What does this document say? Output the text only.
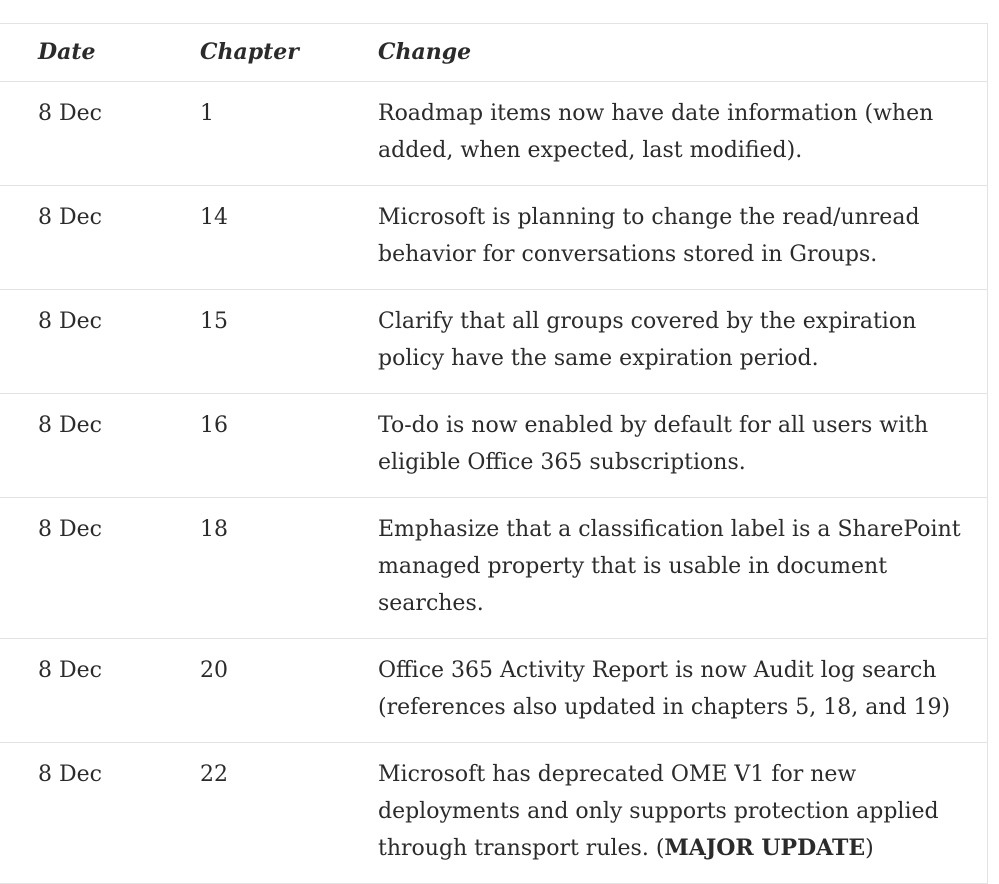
Date	Chapter	Change
8 Dec	1	Roadmap items now have date information (when added, when expected, last modified).
8 Dec	14	Microsoft is planning to change the read/unread behavior for conversations stored in Groups.
8 Dec	15	Clarify that all groups covered by the expiration policy have the same expiration period.
8 Dec	16	To-do is now enabled by default for all users with eligible Office 365 subscriptions.
8 Dec	18	Emphasize that a classification label is a SharePoint managed property that is usable in document searches.
8 Dec	20	Office 365 Activity Report is now Audit log search (references also updated in chapters 5, 18, and 19)
8 Dec	22	Microsoft has deprecated OME V1 for new deployments and only supports protection applied through transport rules. (MAJOR UPDATE)
